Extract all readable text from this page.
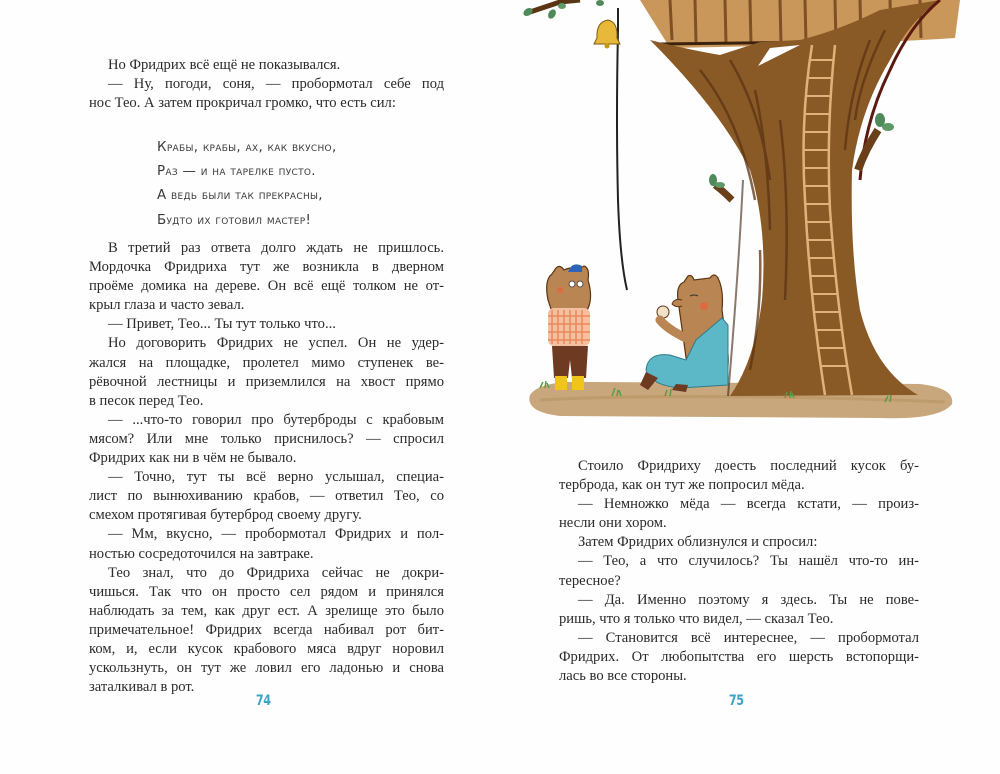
Но Фридрих всё ещё не показывался.
— Ну, погоди, соня, — пробормотал себе под
нос Тео. А затем прокричал громко, что есть сил:
Крабы, крабы, ах, как вкусно,
Раз — и на тарелке пусто.
А ведь были так прекрасны,
Будто их готовил мастер!
В третий раз ответа долго ждать не пришлось.
Мордочка Фридриха тут же возникла в дверном
проёме домика на дереве. Он всё ещё толком не от-
крыл глаза и часто зевал.
— Привет, Тео... Ты тут только что...
Но договорить Фридрих не успел. Он не удер-
жался на площадке, пролетел мимо ступенек ве-
рёвочной лестницы и приземлился на хвост прямо
в песок перед Тео.
— ...что-то говорил про бутерброды с крабовым
мясом? Или мне только приснилось? — спросил
Фридрих как ни в чём не бывало.
— Точно, тут ты всё верно услышал, специа-
лист по вынюхиванию крабов, — ответил Тео, со
смехом протягивая бутерброд своему другу.
— Мм, вкусно, — пробормотал Фридрих и пол-
ностью сосредоточился на завтраке.
Тео знал, что до Фридриха сейчас не докри-
чишься. Так что он просто сел рядом и принялся
наблюдать за тем, как друг ест. А зрелище это было
примечательное! Фридрих всегда набивал рот бит-
ком, и, если кусок крабового мяса вдруг норовил
ускользнуть, он тут же ловил его ладонью и снова
заталкивал в рот.
74
Стоило Фридриху доесть последний кусок бу-
терброда, как он тут же попросил мёда.
— Немножко мёда — всегда кстати, — произ-
несли они хором.
Затем Фридрих облизнулся и спросил:
— Тео, а что случилось? Ты нашёл что-то ин-
тересное?
— Да. Именно поэтому я здесь. Ты не пове-
ришь, что я только что видел, — сказал Тео.
— Становится всё интереснее, — пробормотал
Фридрих. От любопытства его шерсть встопорщи-
лась во все стороны.
75
